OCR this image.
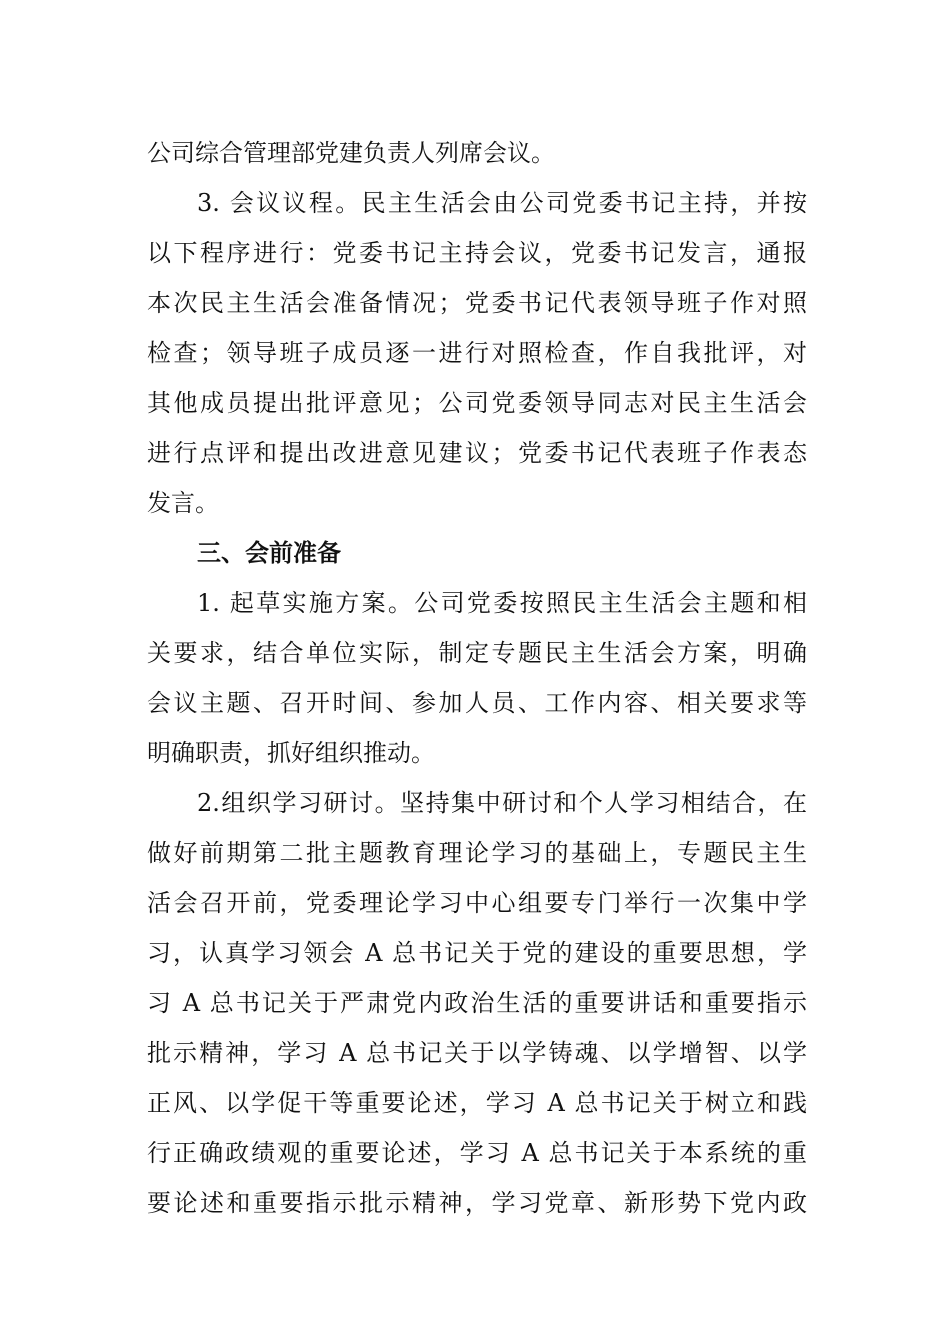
公司综合管理部党建负责人列席会议。
3. 会议议程。民主生活会由公司党委书记主持，并按
以下程序进行：党委书记主持会议，党委书记发言，通报
本次民主生活会准备情况；党委书记代表领导班子作对照
检查；领导班子成员逐一进行对照检查，作自我批评，对
其他成员提出批评意见；公司党委领导同志对民主生活会
进行点评和提出改进意见建议；党委书记代表班子作表态
发言。
三、会前准备
1. 起草实施方案。公司党委按照民主生活会主题和相
关要求，结合单位实际，制定专题民主生活会方案，明确
会议主题、召开时间、参加人员、工作内容、相关要求等
明确职责，抓好组织推动。
2.组织学习研讨。坚持集中研讨和个人学习相结合，在
做好前期第二批主题教育理论学习的基础上，专题民主生
活会召开前，党委理论学习中心组要专门举行一次集中学
习，认真学习领会 A 总书记关于党的建设的重要思想，学
习 A 总书记关于严肃党内政治生活的重要讲话和重要指示
批示精神，学习 A 总书记关于以学铸魂、以学增智、以学
正风、以学促干等重要论述，学习 A 总书记关于树立和践
行正确政绩观的重要论述，学习 A 总书记关于本系统的重
要论述和重要指示批示精神，学习党章、新形势下党内政
